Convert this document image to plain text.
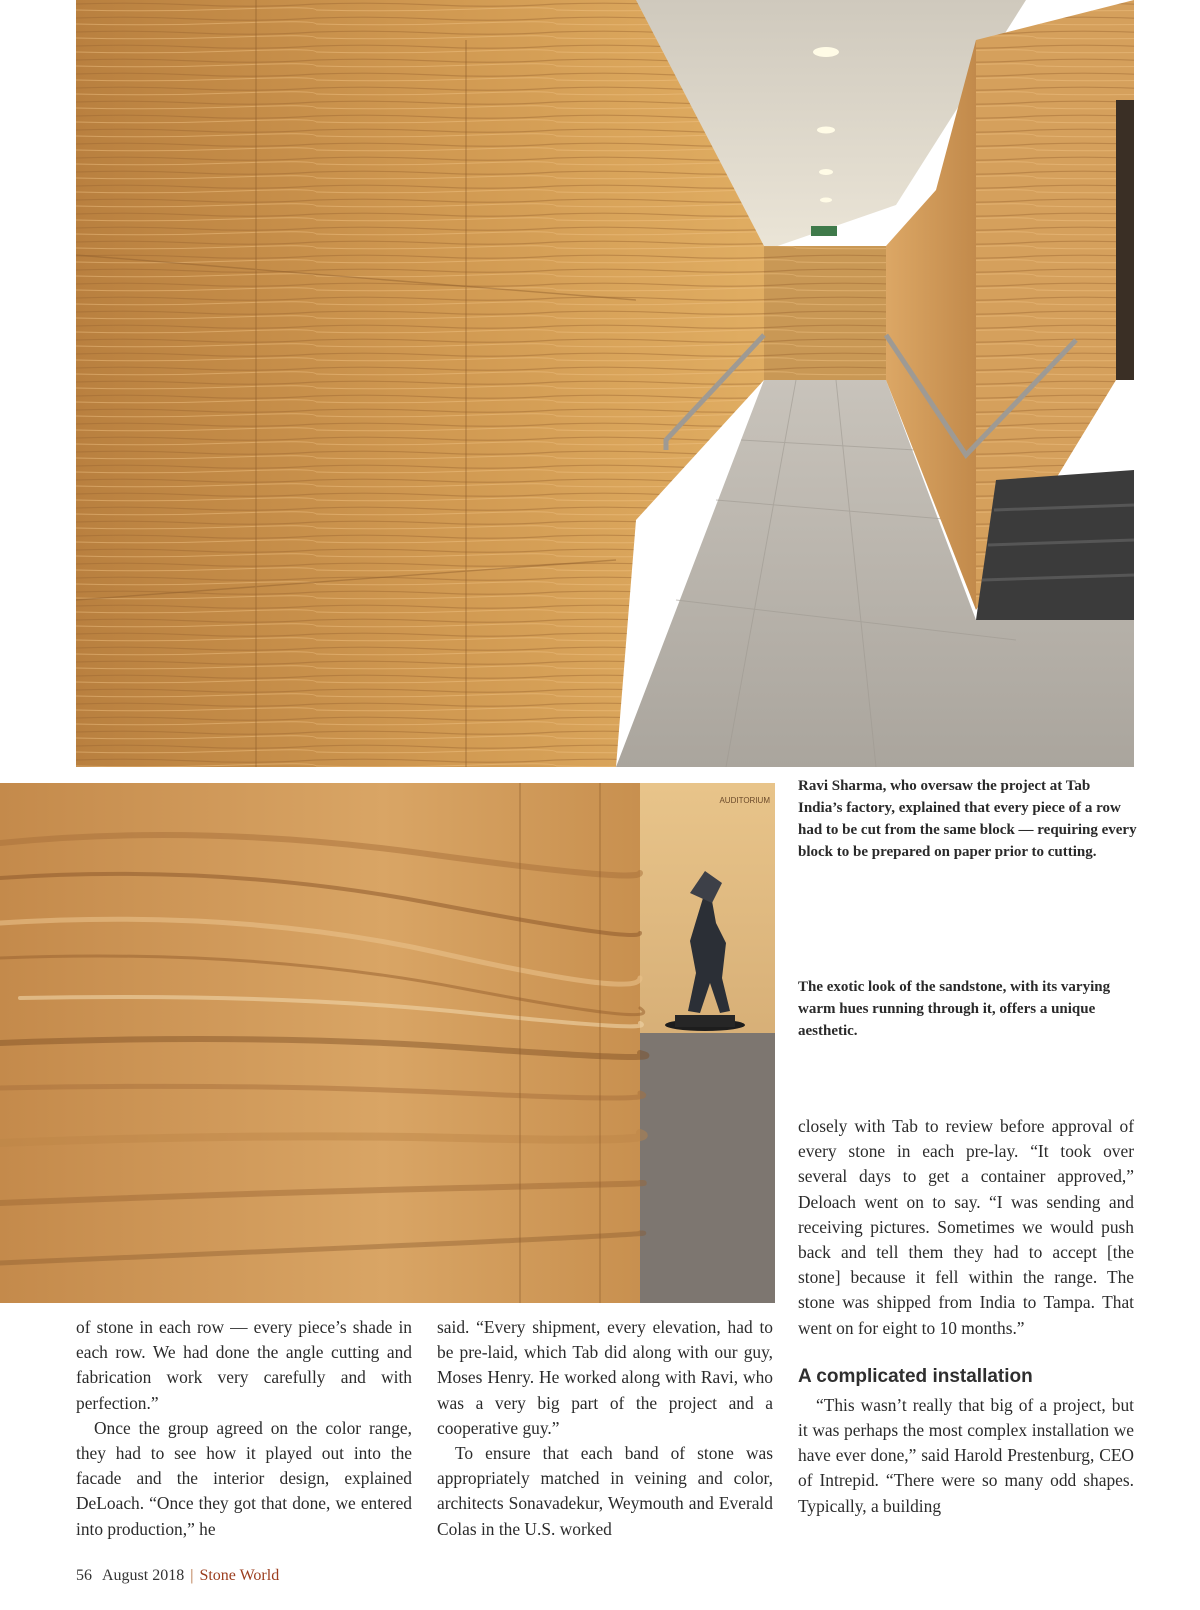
AUDITORIUM
Ravi Sharma, who oversaw the project at Tab India’s factory, explained that every piece of a row had to be cut from the same block — requiring every block to be prepared on paper prior to cutting.
The exotic look of the sandstone, with its varying warm hues running through it, offers a unique aesthetic.

of stone in each row — every piece’s shade in each row. We had done the angle cutting and fabrication work very carefully and with perfection.”

Once the group agreed on the color range, they had to see how it played out into the facade and the interior design, explained DeLoach. “Once they got that done, we entered into production,” he

said. “Every shipment, every elevation, had to be pre-laid, which Tab did along with our guy, Moses Henry. He worked along with Ravi, who was a very big part of the project and a cooperative guy.”

To ensure that each band of stone was appropriately matched in veining and color, architects Sonavadekur, Weymouth and Everald Colas in the U.S. worked

closely with Tab to review before approval of every stone in each pre-lay. “It took over several days to get a container approved,” Deloach went on to say. “I was sending and receiving pictures. Sometimes we would push back and tell them they had to accept [the stone] because it fell within the range. The stone was shipped from India to Tampa. That went on for eight to 10 months.”

A complicated installation

“This wasn’t really that big of a project, but it was perhaps the most complex installation we have ever done,” said Harold Prestenburg, CEO of Intrepid. “There were so many odd shapes. Typically, a building

56 August 2018 | Stone World
